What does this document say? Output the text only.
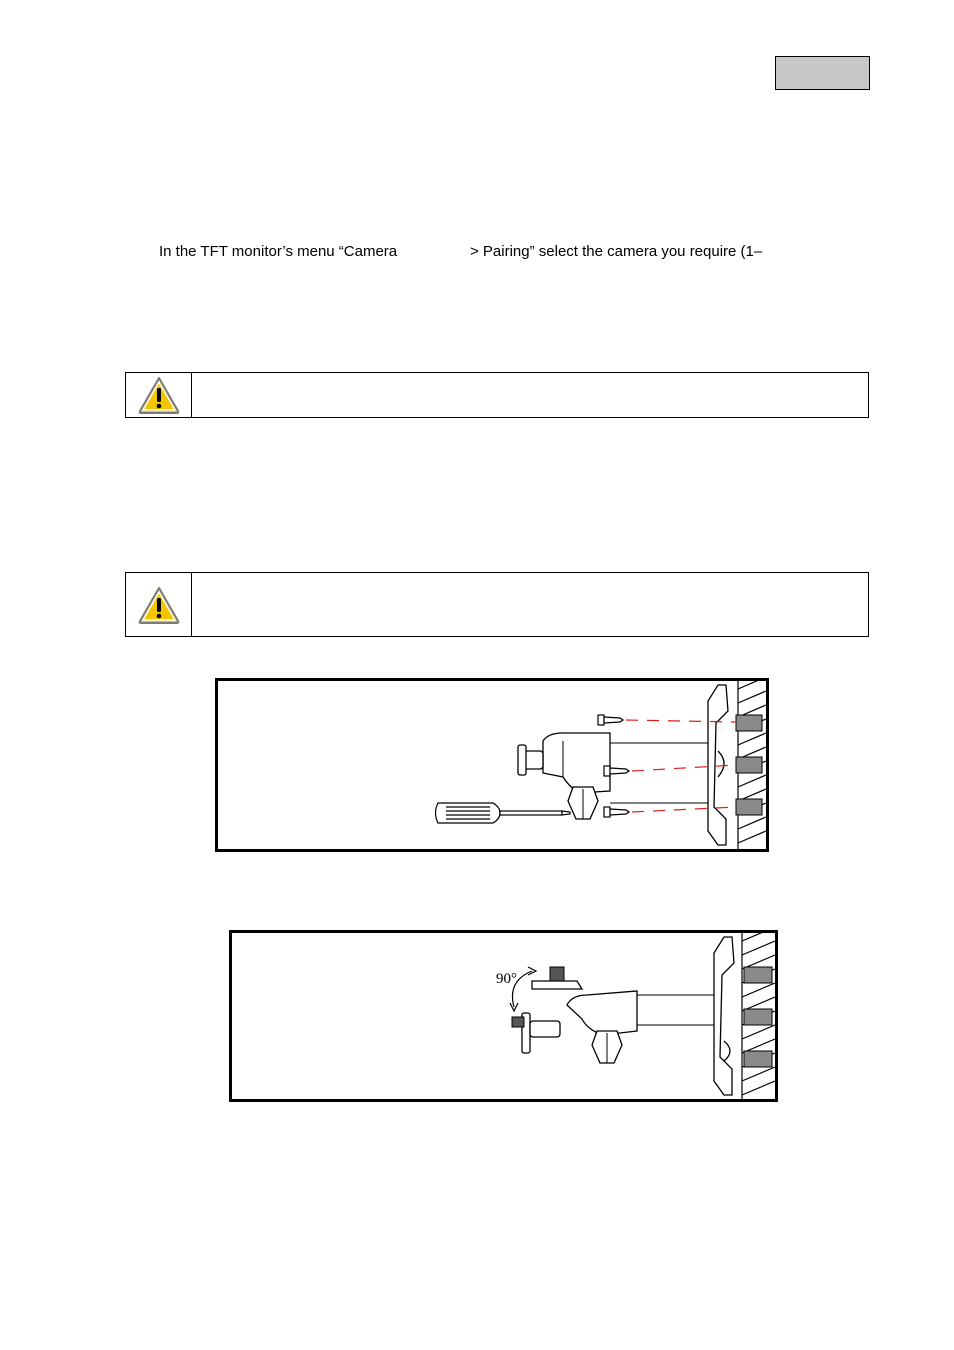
In the TFT monitor’s menu “Camera	> Pairing” select the camera you require (1–
90°
